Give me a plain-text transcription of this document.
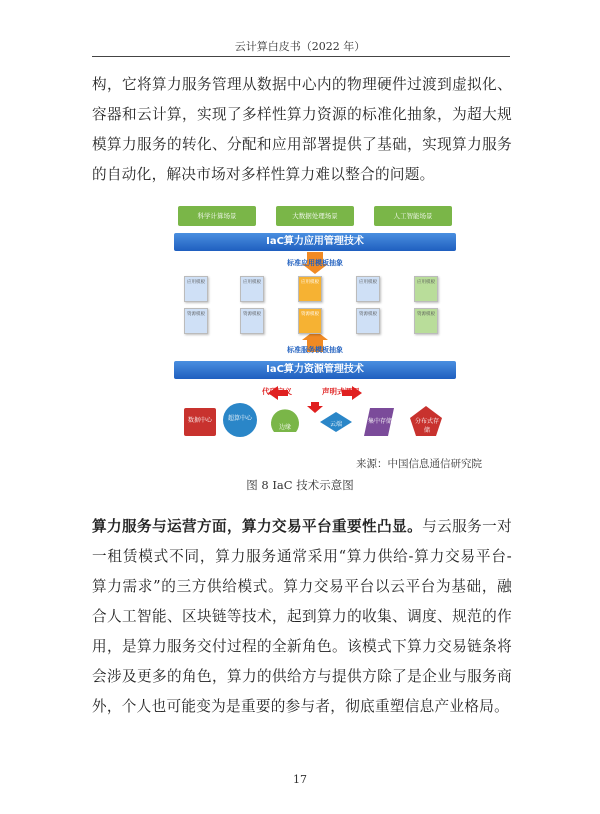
云计算白皮书（2022 年）
构，它将算力服务管理从数据中心内的物理硬件过渡到虚拟化、容器和云计算，实现了多样性算力资源的标准化抽象，为超大规模算力服务的转化、分配和应用部署提供了基础，实现算力服务的自动化，解决市场对多样性算力难以整合的问题。
科学计算场景	大数据处理场景	人工智能场景
IaC算力应用管理技术
标准应用模板抽象
应用模板	应用模板	应用模板	应用模板	应用模板
资源模板	资源模板	资源模板	资源模板	资源模板
标准服务模板抽象
IaC算力资源管理技术
代码定义	声明式调用
数据中心	超算中心
边缘	云端	集中存储	分布式存储
来源：中国信息通信研究院
图 8 IaC 技术示意图
算力服务与运营方面，算力交易平台重要性凸显。与云服务一对一租赁模式不同，算力服务通常采用“算力供给-算力交易平台-算力需求”的三方供给模式。算力交易平台以云平台为基础，融合人工智能、区块链等技术，起到算力的收集、调度、规范的作用，是算力服务交付过程的全新角色。该模式下算力交易链条将会涉及更多的角色，算力的供给方与提供方除了是企业与服务商外，个人也可能变为是重要的参与者，彻底重塑信息产业格局。
17
